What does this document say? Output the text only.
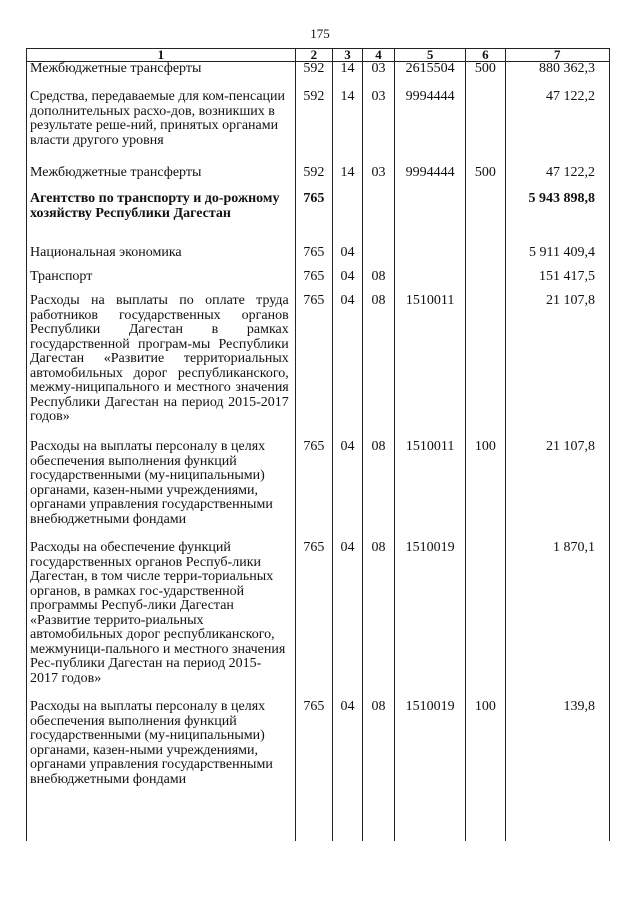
175
1	2	3	4	5	6	7
Межбюджетные трансферты	592	14	03	2615504	500	880 362,3
Средства, передаваемые для ком-пенсации дополнительных расхо-дов, возникших в результате реше-ний, принятых органами власти другого уровня	592	14	03	9994444		47 122,2
Межбюджетные трансферты	592	14	03	9994444	500	47 122,2
Агентство по транспорту и до-рожному хозяйству Республики Дагестан	765					5 943 898,8
Национальная экономика	765	04				5 911 409,4
Транспорт	765	04	08			151 417,5
Расходы на выплаты по оплате труда работников государственных органов Республики Дагестан в рамках государственной програм-мы Республики Дагестан «Развитие территориальных автомобильных дорог республиканского, межму-ниципального и местного значения Республики Дагестан на период 2015-2017 годов»	765	04	08	1510011		21 107,8
Расходы на выплаты персоналу в целях обеспечения выполнения функций государственными (му-ниципальными) органами, казен-ными учреждениями, органами управления государственными внебюджетными фондами	765	04	08	1510011	100	21 107,8
Расходы на обеспечение функций государственных органов Респуб-лики Дагестан, в том числе терри-ториальных органов, в рамках гос-ударственной программы Респуб-лики Дагестан «Развитие террито-риальных автомобильных дорог республиканского, межмуници-пального и местного значения Рес-публики Дагестан на период 2015-2017 годов»	765	04	08	1510019		1 870,1
Расходы на выплаты персоналу в целях обеспечения выполнения функций государственными (му-ниципальными) органами, казен-ными учреждениями, органами управления государственными внебюджетными фондами	765	04	08	1510019	100	139,8
